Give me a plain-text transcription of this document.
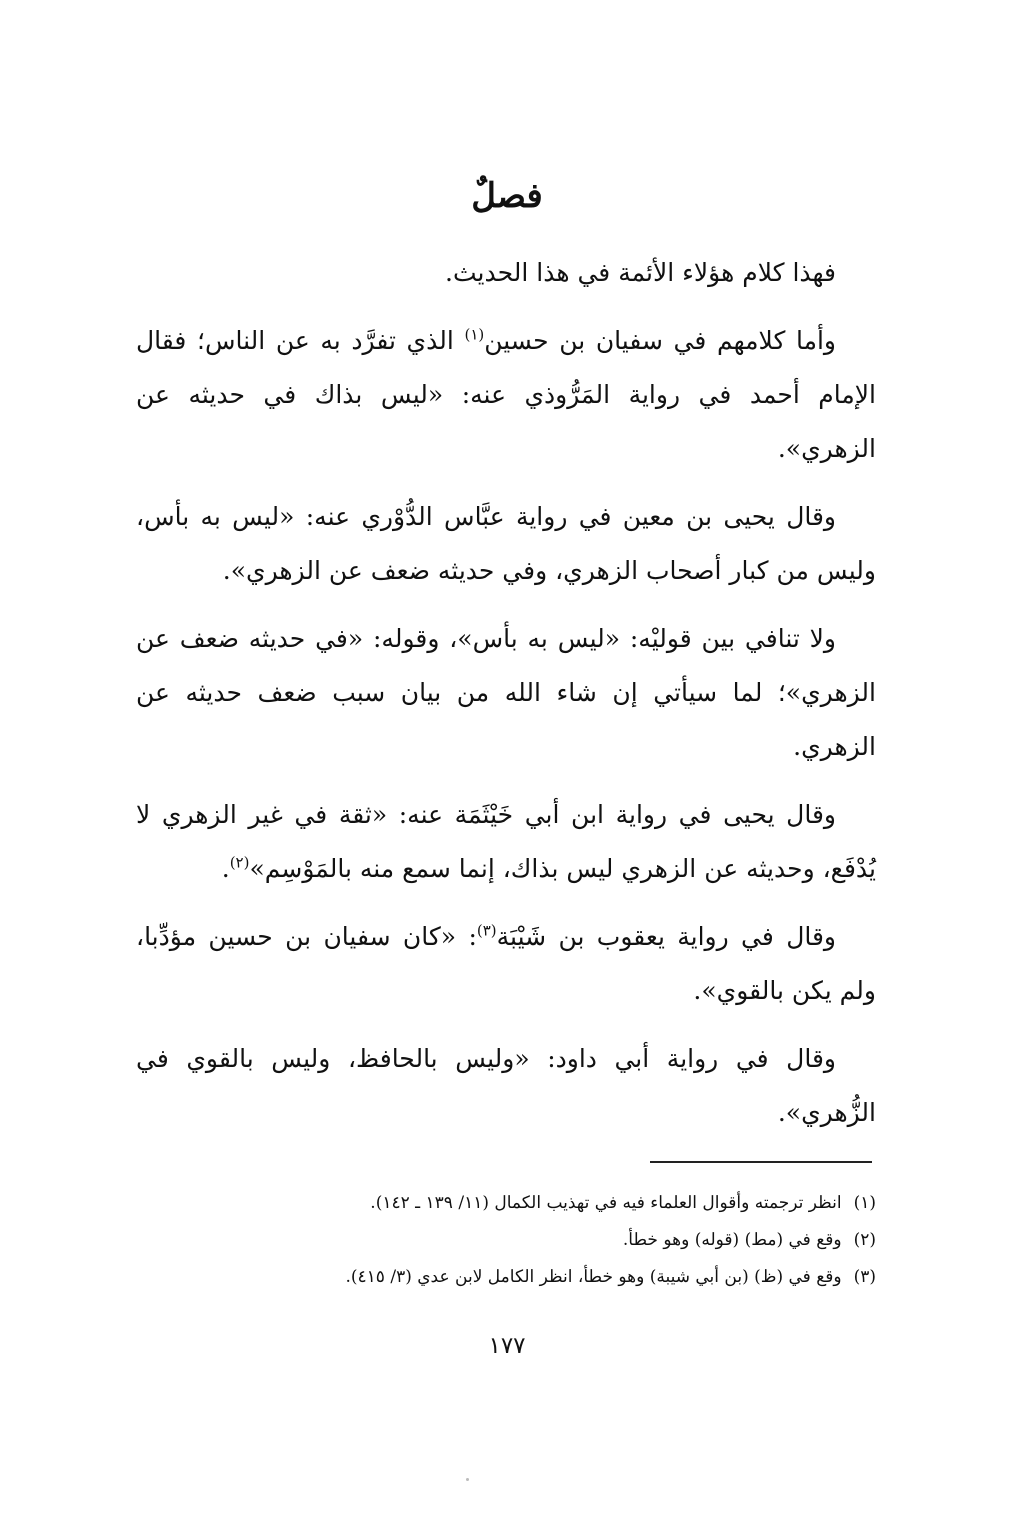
فصلٌ

فهذا كلام هؤلاء الأئمة في هذا الحديث.

وأما كلامهم في سفيان بن حسين$^{(١)}$ الذي تفرَّد به عن الناس؛ فقال الإمام أحمد في رواية المَرُّوذي عنه: «ليس بذاك في حديثه عن الزهري».

وقال يحيى بن معين في رواية عبَّاس الدُّوْري عنه: «ليس به بأس، وليس من كبار أصحاب الزهري، وفي حديثه ضعف عن الزهري».

ولا تنافي بين قوليْه: «ليس به بأس»، وقوله: «في حديثه ضعف عن الزهري»؛ لما سيأتي إن شاء الله من بيان سبب ضعف حديثه عن الزهري.

وقال يحيى في رواية ابن أبي خَيْثَمَة عنه: «ثقة في غير الزهري لا يُدْفَع، وحديثه عن الزهري ليس بذاك، إنما سمع منه بالمَوْسِم»$^{(٢)}$.

وقال في رواية يعقوب بن شَيْبَة$^{(٣)}$: «كان سفيان بن حسين مؤدِّبا، ولم يكن بالقوي».

وقال في رواية أبي داود: «وليس بالحافظ، وليس بالقوي في الزُّهري».

(١)
انظر ترجمته وأقوال العلماء فيه في تهذيب الكمال (١١/ ١٣٩ ـ ١٤٢).
(٢)
وقع في (مط) (قوله) وهو خطأ.
(٣)
وقع في (ظ) (بن أبي شيبة) وهو خطأ، انظر الكامل لابن عدي (٣/ ٤١٥).
١٧٧
